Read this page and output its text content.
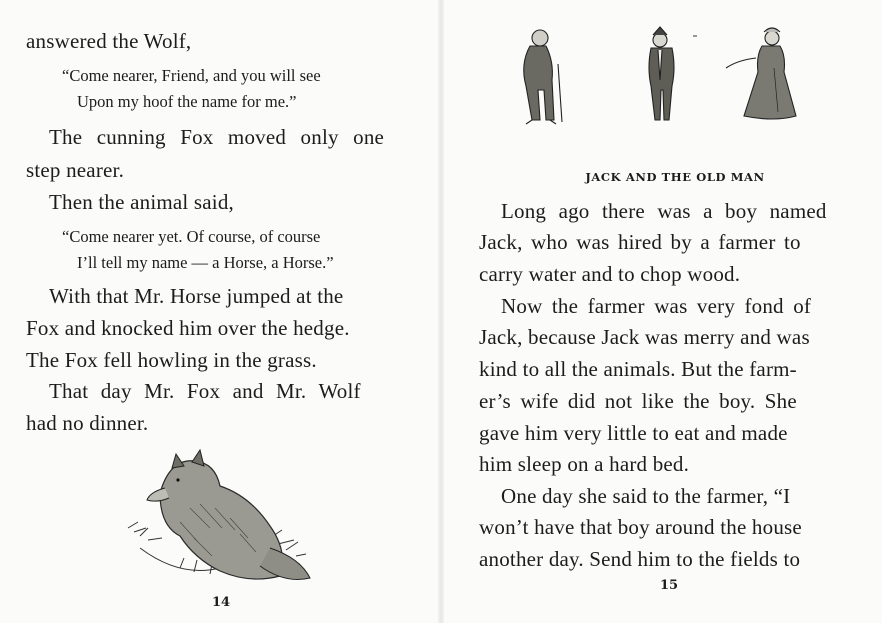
answered the Wolf,
“Come nearer, Friend, and you will see
Upon my hoof the name for me.”
The cunning Fox moved only one
step nearer.
Then the animal said,
“Come nearer yet. Of course, of course
I’ll tell my name — a Horse, a Horse.”
With that Mr. Horse jumped at the
Fox and knocked him over the hedge.
The Fox fell howling in the grass.
That day Mr. Fox and Mr. Wolf
had no dinner.
14
JACK AND THE OLD MAN
Long ago there was a boy named
Jack, who was hired by a farmer to
carry water and to chop wood.
Now the farmer was very fond of
Jack, because Jack was merry and was
kind to all the animals. But the farm-
er’s wife did not like the boy. She
gave him very little to eat and made
him sleep on a hard bed.
One day she said to the farmer, “I
won’t have that boy around the house
another day. Send him to the fields to
15
